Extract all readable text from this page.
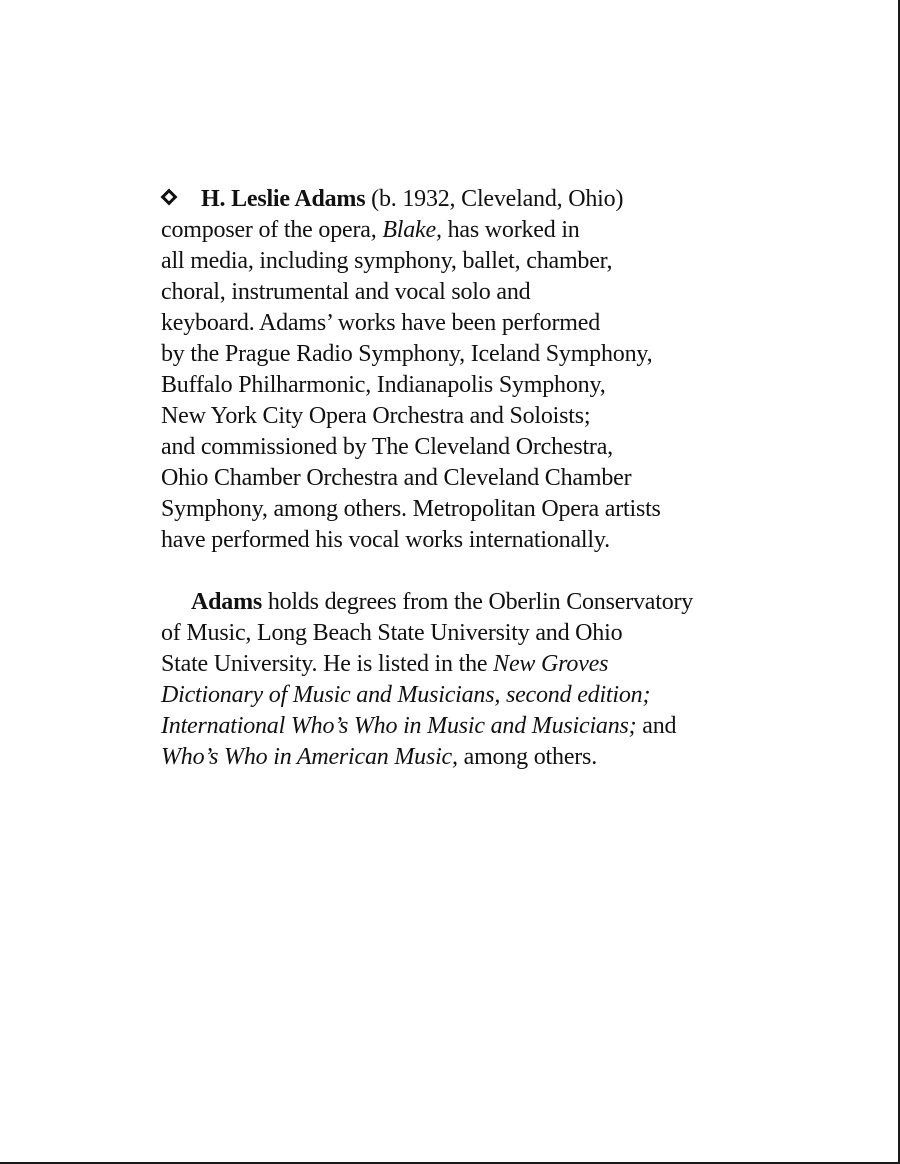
H. Leslie Adams (b. 1932, Cleveland, Ohio)
composer of the opera, Blake, has worked in
all media, including symphony, ballet, chamber,
choral, instrumental and vocal solo and
keyboard. Adams’ works have been performed
by the Prague Radio Symphony, Iceland Symphony,
Buffalo Philharmonic, Indianapolis Symphony,
New York City Opera Orchestra and Soloists;
and commissioned by The Cleveland Orchestra,
Ohio Chamber Orchestra and Cleveland Chamber
Symphony, among others. Metropolitan Opera artists
have performed his vocal works internationally.
Adams holds degrees from the Oberlin Conservatory
of Music, Long Beach State University and Ohio
State University. He is listed in the New Groves
Dictionary of Music and Musicians, second edition;
International Who’s Who in Music and Musicians; and
Who’s Who in American Music, among others.
